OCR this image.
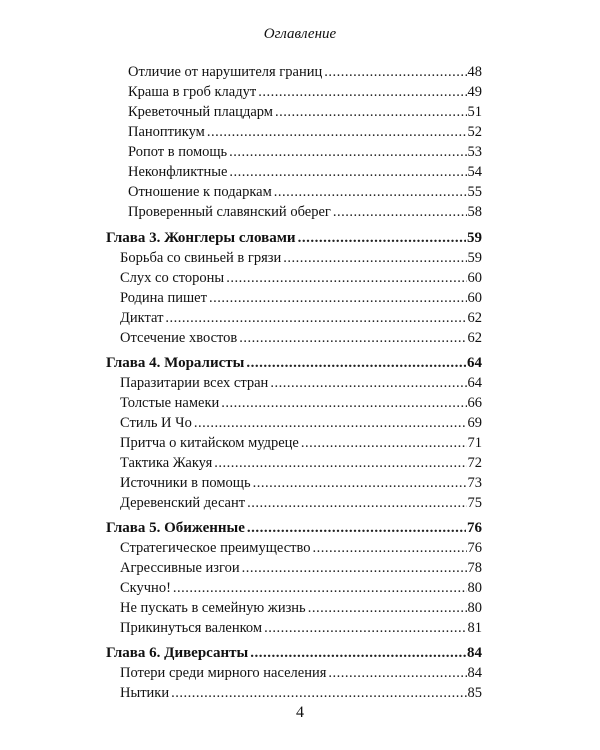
Оглавление
Отличие от нарушителя границ .....	48
Краша в гроб кладут .....	49
Креветочный плацдарм .....	51
Паноптикум .....	52
Ропот в помощь .....	53
Неконфликтные .....	54
Отношение к подаркам .....	55
Проверенный славянский оберег .....	58
Глава 3. Жонглеры словами .....	59
Борьба со свиньей в грязи .....	59
Слух со стороны .....	60
Родина пишет .....	60
Диктат .....	62
Отсечение хвостов .....	62
Глава 4. Моралисты .....	64
Паразитарии всех стран .....	64
Толстые намеки .....	66
Стиль И Чо .....	69
Притча о китайском мудреце .....	71
Тактика Жакуя .....	72
Источники в помощь .....	73
Деревенский десант .....	75
Глава 5. Обиженные .....	76
Стратегическое преимущество .....	76
Агрессивные изгои .....	78
Скучно! .....	80
Не пускать в семейную жизнь .....	80
Прикинуться валенком .....	81
Глава 6. Диверсанты .....	84
Потери среди мирного населения .....	84
Нытики .....	85
4
